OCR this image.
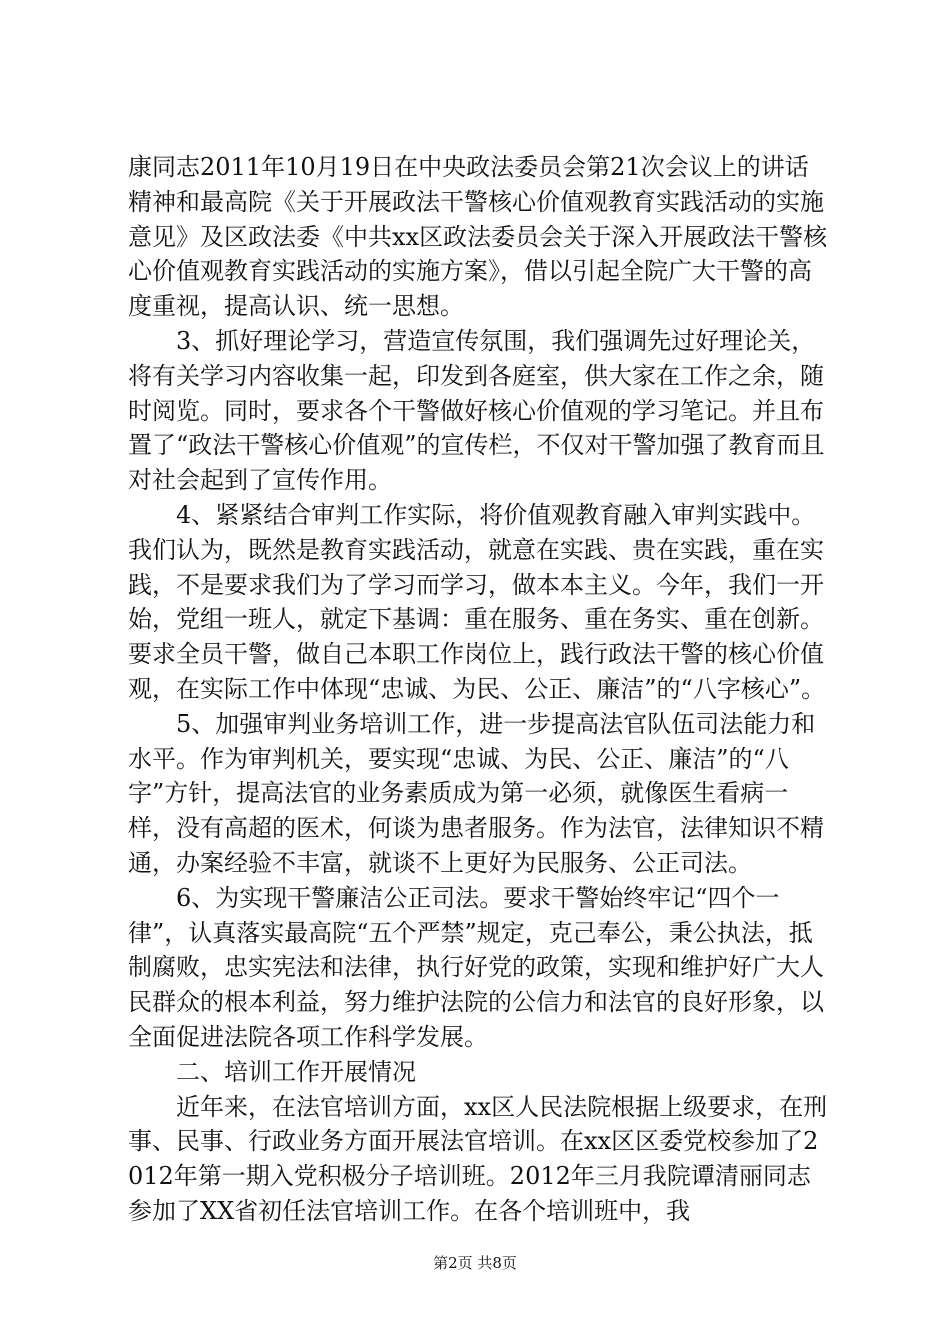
康同志2011年10月19日在中央政法委员会第21次会议上的讲话精神和最高院《关于开展政法干警核心价值观教育实践活动的实施意见》及区政法委《中共xx区政法委员会关于深入开展政法干警核心价值观教育实践活动的实施方案》，借以引起全院广大干警的高度重视，提高认识、统一思想。
3、抓好理论学习，营造宣传氛围，我们强调先过好理论关，将有关学习内容收集一起，印发到各庭室，供大家在工作之余，随时阅览。同时，要求各个干警做好核心价值观的学习笔记。并且布置了“政法干警核心价值观”的宣传栏，不仅对干警加强了教育而且对社会起到了宣传作用。
4、紧紧结合审判工作实际，将价值观教育融入审判实践中。我们认为，既然是教育实践活动，就意在实践、贵在实践，重在实践，不是要求我们为了学习而学习，做本本主义。今年，我们一开始，党组一班人，就定下基调：重在服务、重在务实、重在创新。要求全员干警，做自己本职工作岗位上，践行政法干警的核心价值观，在实际工作中体现“忠诚、为民、公正、廉洁”的“八字核心”。
5、加强审判业务培训工作，进一步提高法官队伍司法能力和水平。作为审判机关，要实现“忠诚、为民、公正、廉洁”的“八字”方针，提高法官的业务素质成为第一必须，就像医生看病一样，没有高超的医术，何谈为患者服务。作为法官，法律知识不精通，办案经验不丰富，就谈不上更好为民服务、公正司法。
6、为实现干警廉洁公正司法。要求干警始终牢记“四个一律”，认真落实最高院“五个严禁”规定，克己奉公，秉公执法，抵制腐败，忠实宪法和法律，执行好党的政策，实现和维护好广大人民群众的根本利益，努力维护法院的公信力和法官的良好形象，以全面促进法院各项工作科学发展。
二、培训工作开展情况
近年来，在法官培训方面，xx区人民法院根据上级要求，在刑事、民事、行政业务方面开展法官培训。在xx区区委党校参加了2012年第一期入党积极分子培训班。2012年三月我院谭清丽同志参加了XX省初任法官培训工作。在各个培训班中，我
第2页 共8页
